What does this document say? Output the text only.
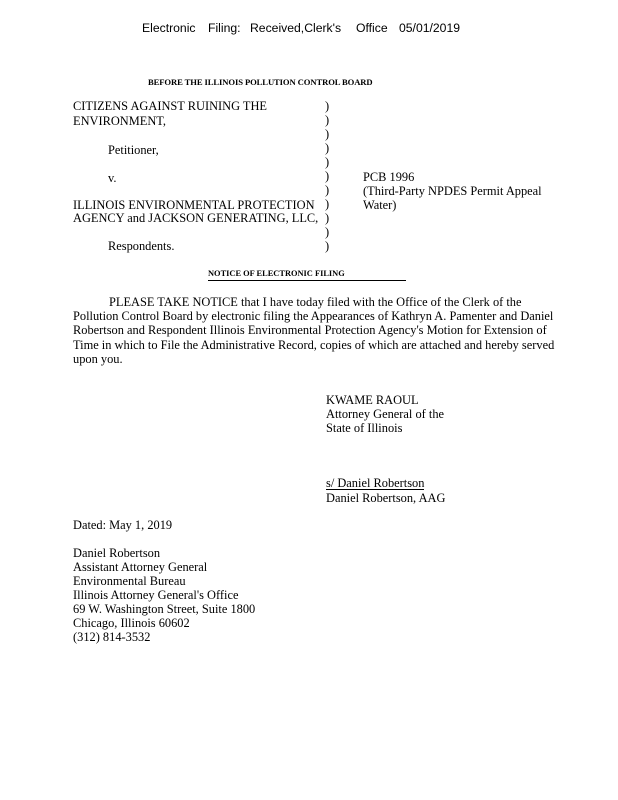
Electronic Filing: Received,Clerk's Office 05/01/2019
BEFORE THE ILLINOIS POLLUTION CONTROL BOARD
CITIZENS AGAINST RUINING THE
ENVIRONMENT,
Petitioner,
v.
ILLINOIS ENVIRONMENTAL PROTECTION
AGENCY and JACKSON GENERATING, LLC,
Respondents.
)
)
)
)
)
)
)
)
)
)
)
PCB 1996
(Third-Party NPDES Permit Appeal
Water)
NOTICE OF ELECTRONIC FILING
PLEASE TAKE NOTICE that I have today filed with the Office of the Clerk of the
Pollution Control Board by electronic filing the Appearances of Kathryn A. Pamenter and Daniel
Robertson and Respondent Illinois Environmental Protection Agency's Motion for Extension of
Time in which to File the Administrative Record, copies of which are attached and hereby served
upon you.
KWAME RAOUL
Attorney General of the
State of Illinois
s/ Daniel Robertson
Daniel Robertson, AAG
Dated: May 1, 2019
Daniel Robertson
Assistant Attorney General
Environmental Bureau
Illinois Attorney General's Office
69 W. Washington Street, Suite 1800
Chicago, Illinois 60602
(312) 814-3532
